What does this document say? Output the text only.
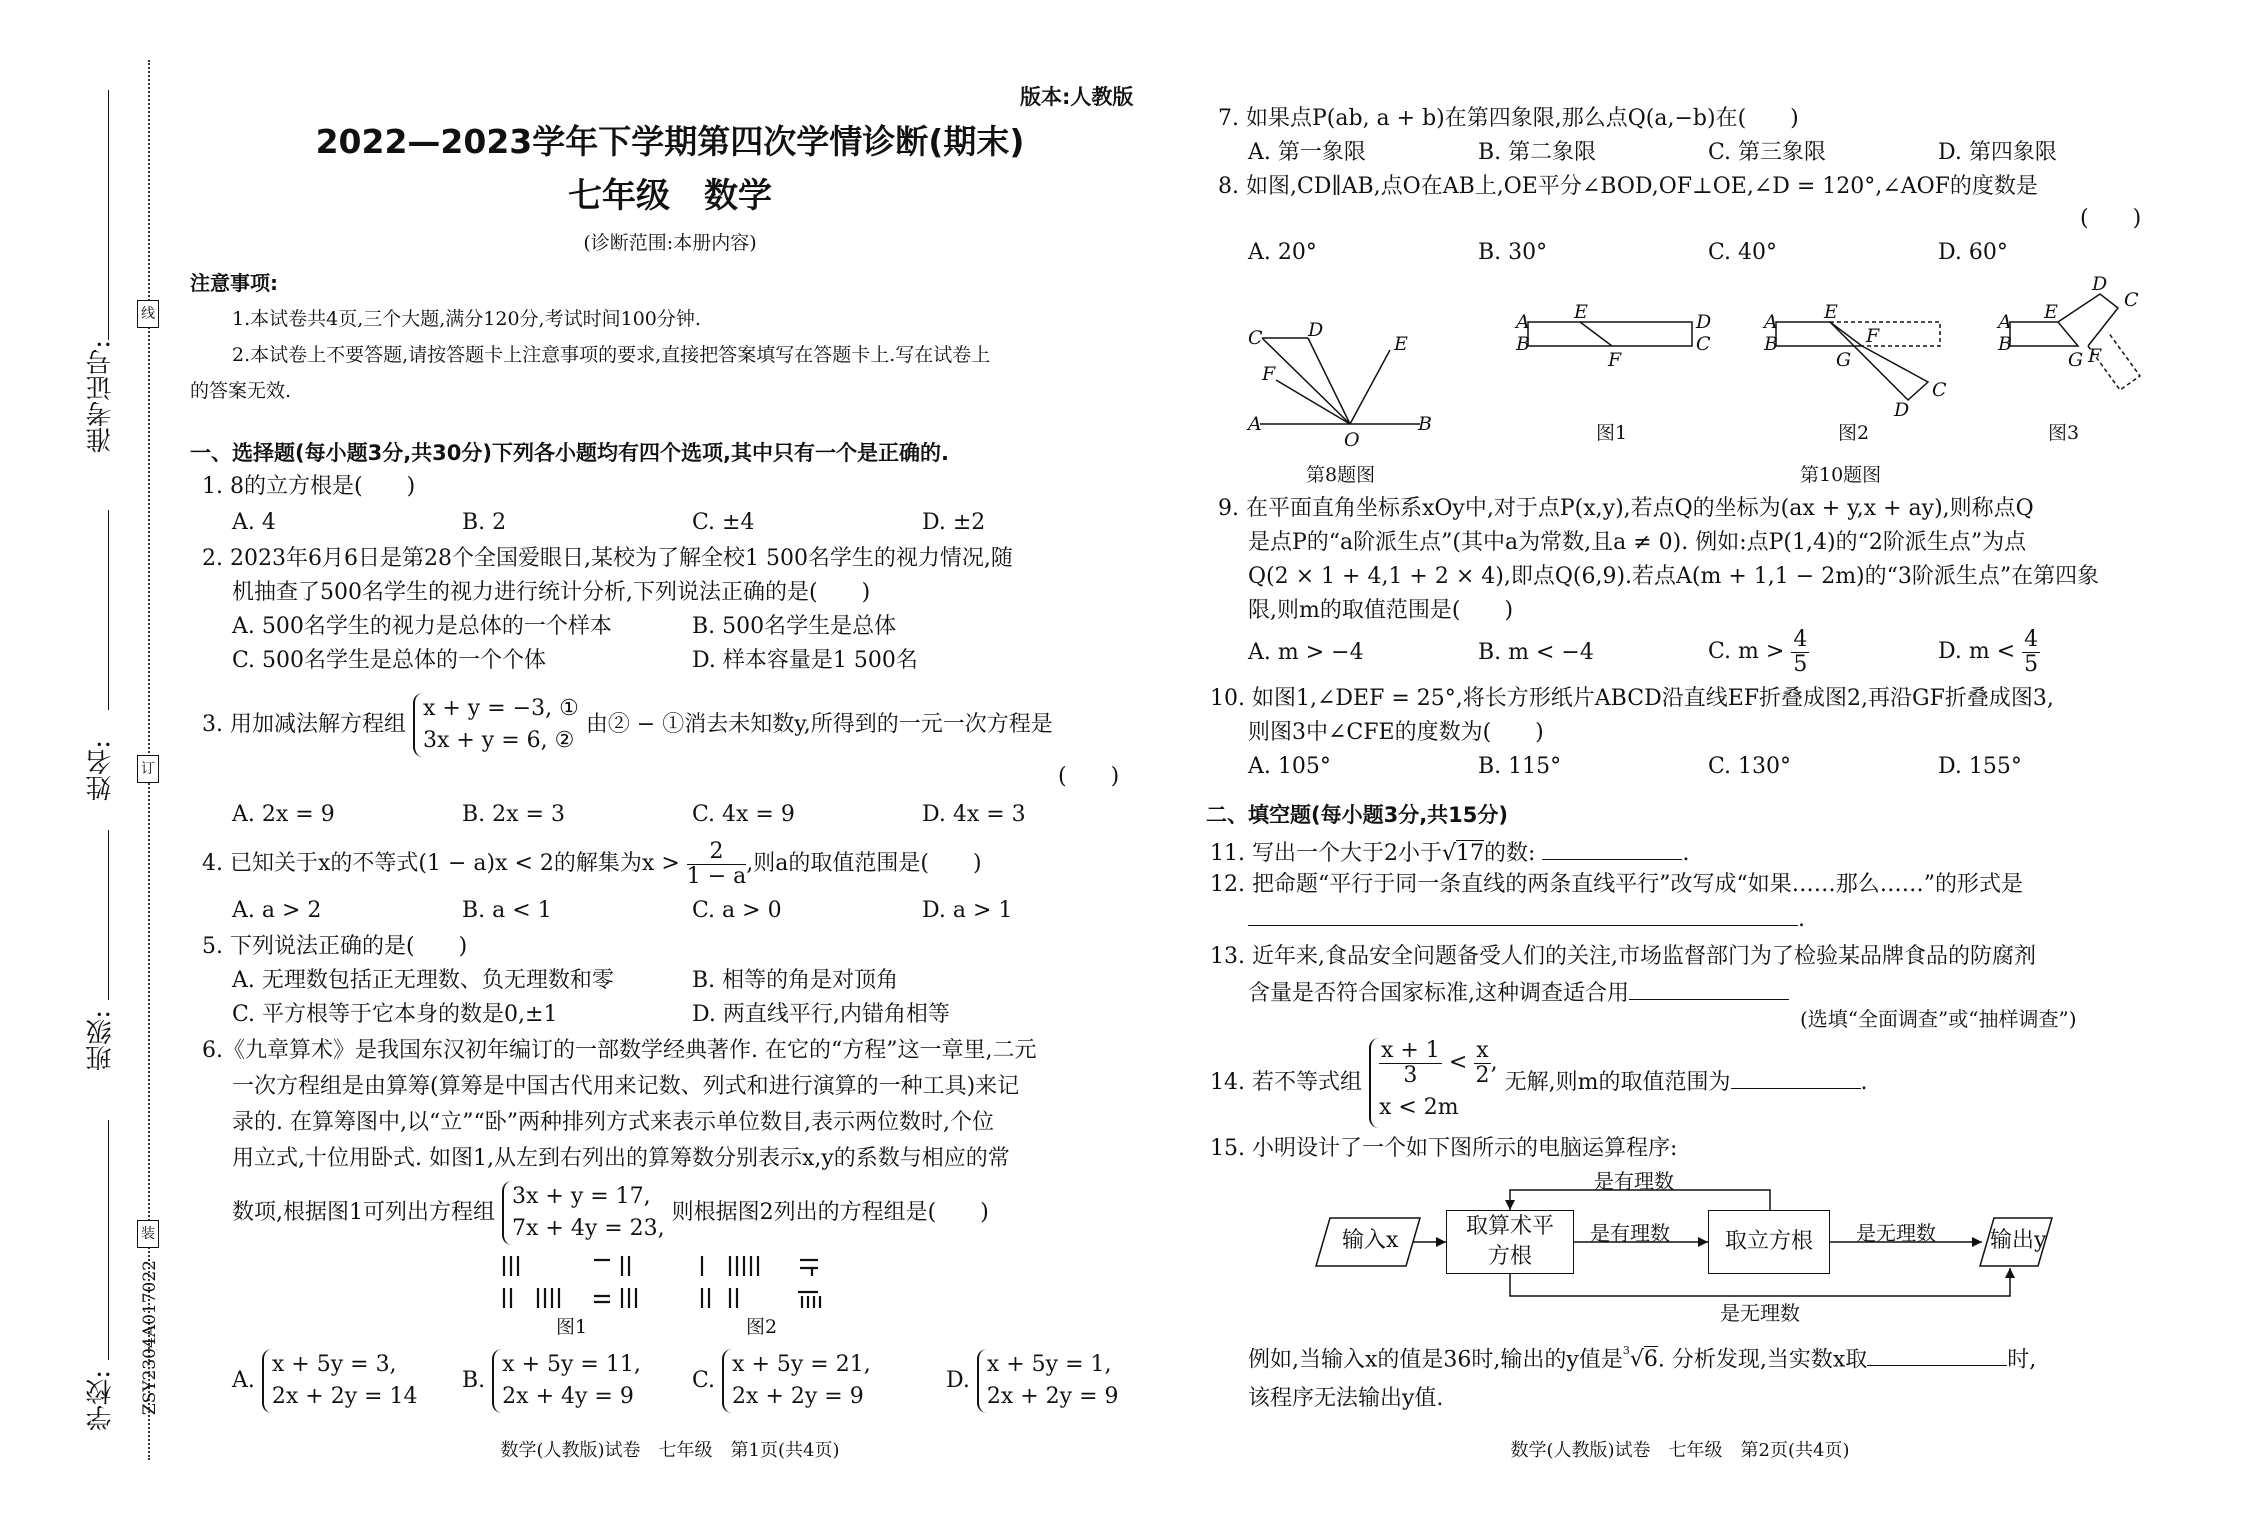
准考证号:
姓名:
班级:
学校:
线
订
装
ZSY2304A017022
版本:人教版
2022—2023学年下学期第四次学情诊断(期末)
七年级　数学
(诊断范围:本册内容)
注意事项:
1.本试卷共4页,三个大题,满分120分,考试时间100分钟.
2.本试卷上不要答题,请按答题卡上注意事项的要求,直接把答案填写在答题卡上.写在试卷上
的答案无效.
一、选择题(每小题3分,共30分)下列各小题均有四个选项,其中只有一个是正确的.
1. 8的立方根是(　　)
A. 4	B. 2	C. ±4	D. ±2
2. 2023年6月6日是第28个全国爱眼日,某校为了解全校1 500名学生的视力情况,随
机抽查了500名学生的视力进行统计分析,下列说法正确的是(　　)
A. 500名学生的视力是总体的一个样本	B. 500名学生是总体
C. 500名学生是总体的一个个体	D. 样本容量是1 500名
3. 用加减法解方程组
x + y = −3, ①
3x + y = 6, ②
由② − ①消去未知数y,所得到的一元一次方程是
(　　)
A. 2x = 9	B. 2x = 3	C. 4x = 9	D. 4x = 3
4. 已知关于x的不等式(1 − a)x < 2的解集为$x > \frac{2}{1 - a}$ ,则a的取值范围是(　　)
A. a > 2	B. a < 1	C. a > 0	D. a > 1
5. 下列说法正确的是(　　)
A. 无理数包括正无理数、负无理数和零	B. 相等的角是对顶角
C. 平方根等于它本身的数是0,±1	D. 两直线平行,内错角相等
6.《九章算术》是我国东汉初年编订的一部数学经典著作. 在它的“方程”这一章里,二元
一次方程组是由算筹(算筹是中国古代用来记数、列式和进行演算的一种工具)来记
录的. 在算筹图中,以“立”“卧”两种排列方式来表示单位数目,表示两位数时,个位
用立式,十位用卧式. 如图1,从左到右列出的算筹数分别表示x,y的系数与相应的常
数项,根据图1可列出方程组
3x + y = 17,
7x + 4y = 23,
则根据图2列出的方程组是(　　)
图1	图2
A.
x + 5y = 3,
2x + 2y = 14
B.
x + 5y = 11,
2x + 4y = 9
C.
x + 5y = 21,
2x + 2y = 9
D.
x + 5y = 1,
2x + 2y = 9
数学(人教版)试卷　七年级　第1页(共4页)
7. 如果点P(ab, a + b)在第四象限,那么点Q(a,−b)在(　　)
A. 第一象限	B. 第二象限	C. 第三象限	D. 第四象限
8. 如图,CD∥AB,点O在AB上,OE平分∠BOD,OF⊥OE,∠D = 120°,∠AOF的度数是
(　　)
A. 20°	B. 30°	C. 40°	D. 60°
A
O
B
C D
F
E
A
B
E	D
C
F
A
B
E
G
F
C
D
A
B
E
D
C
G F
图1	图2	图3
第8题图	第10题图
9. 在平面直角坐标系xOy中,对于点P(x,y),若点Q的坐标为(ax + y,x + ay),则称点Q
是点P的“a阶派生点”(其中a为常数,且a ≠ 0). 例如:点P(1,4)的“2阶派生点”为点
Q(2 × 1 + 4,1 + 2 × 4),即点Q(6,9).若点A(m + 1,1 − 2m)的“3阶派生点”在第四象
限,则m的取值范围是(　　)
A. m > −4	B. m < −4	C. $m > \frac{4}{5}$	D. $m < \frac{4}{5}$
10. 如图1,∠DEF = 25°,将长方形纸片ABCD沿直线EF折叠成图2,再沿GF折叠成图3,
则图3中∠CFE的度数为(　　)
A. 105°	B. 115°	C. 130°	D. 155°
二、填空题(每小题3分,共15分)
11. 写出一个大于2小于√17的数:	.
12. 把命题“平行于同一条直线的两条直线平行”改写成“如果……那么……”的形式是
.
13. 近年来,食品安全问题备受人们的关注,市场监督部门为了检验某品牌食品的防腐剂
含量是否符合国家标准,这种调查适合用
(选填“全面调查”或“抽样调查”)
14. 若不等式组 $\frac{x + 1}{3} < \frac{x}{2}$ ,
x < 2m
无解,则m的取值范围为	.
15. 小明设计了一个如下图所示的电脑运算程序:
输入x
取算术平方根
取立方根	输出y
是有理数
是有理数	是无理数
是无理数
例如,当输入x的值是36时,输出的y值是$^3$√6. 分析发现,当实数x取	时,
该程序无法输出y值.
数学(人教版)试卷　七年级　第2页(共4页)
